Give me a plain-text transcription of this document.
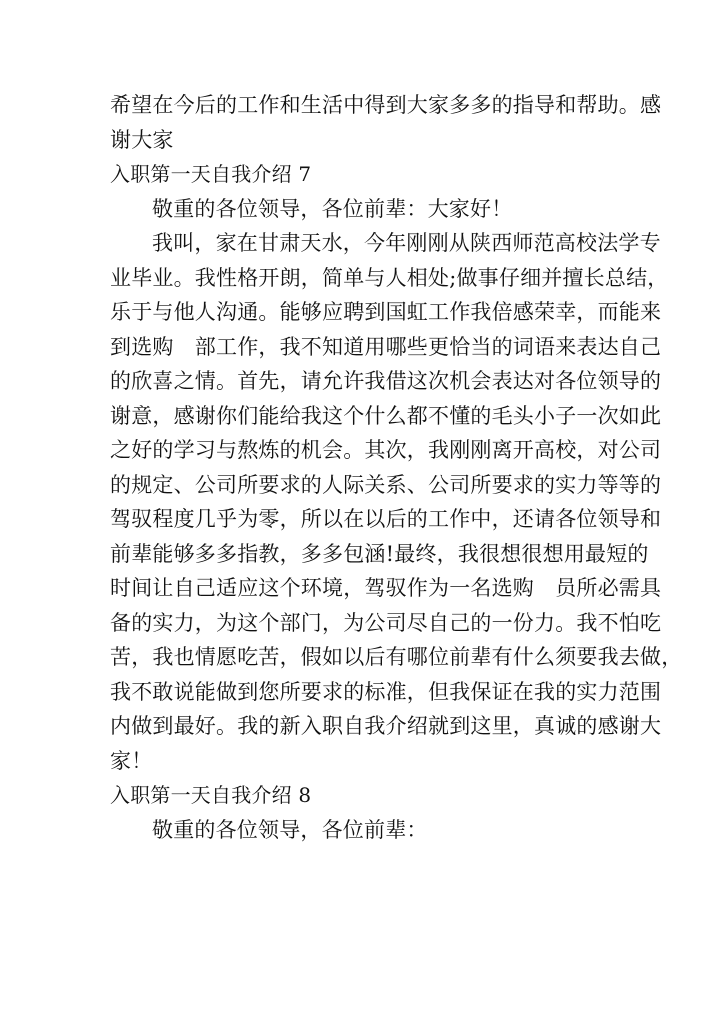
希望在今后的工作和生活中得到大家多多的指导和帮助。感
谢大家
入职第一天自我介绍 7
敬重的各位领导，各位前辈：大家好！
我叫，家在甘肃天水，今年刚刚从陕西师范高校法学专
业毕业。我性格开朗，简单与人相处;做事仔细并擅长总结，
乐于与他人沟通。能够应聘到国虹工作我倍感荣幸，而能来
到选购　部工作，我不知道用哪些更恰当的词语来表达自己
的欣喜之情。首先，请允许我借这次机会表达对各位领导的
谢意，感谢你们能给我这个什么都不懂的毛头小子一次如此
之好的学习与熬炼的机会。其次，我刚刚离开高校，对公司
的规定、公司所要求的人际关系、公司所要求的实力等等的
驾驭程度几乎为零，所以在以后的工作中，还请各位领导和
前辈能够多多指教，多多包涵!最终，我很想很想用最短的
时间让自己适应这个环境，驾驭作为一名选购　员所必需具
备的实力，为这个部门，为公司尽自己的一份力。我不怕吃
苦，我也情愿吃苦，假如以后有哪位前辈有什么须要我去做，
我不敢说能做到您所要求的标准，但我保证在我的实力范围
内做到最好。我的新入职自我介绍就到这里，真诚的感谢大
家！
入职第一天自我介绍 8
敬重的各位领导，各位前辈：
